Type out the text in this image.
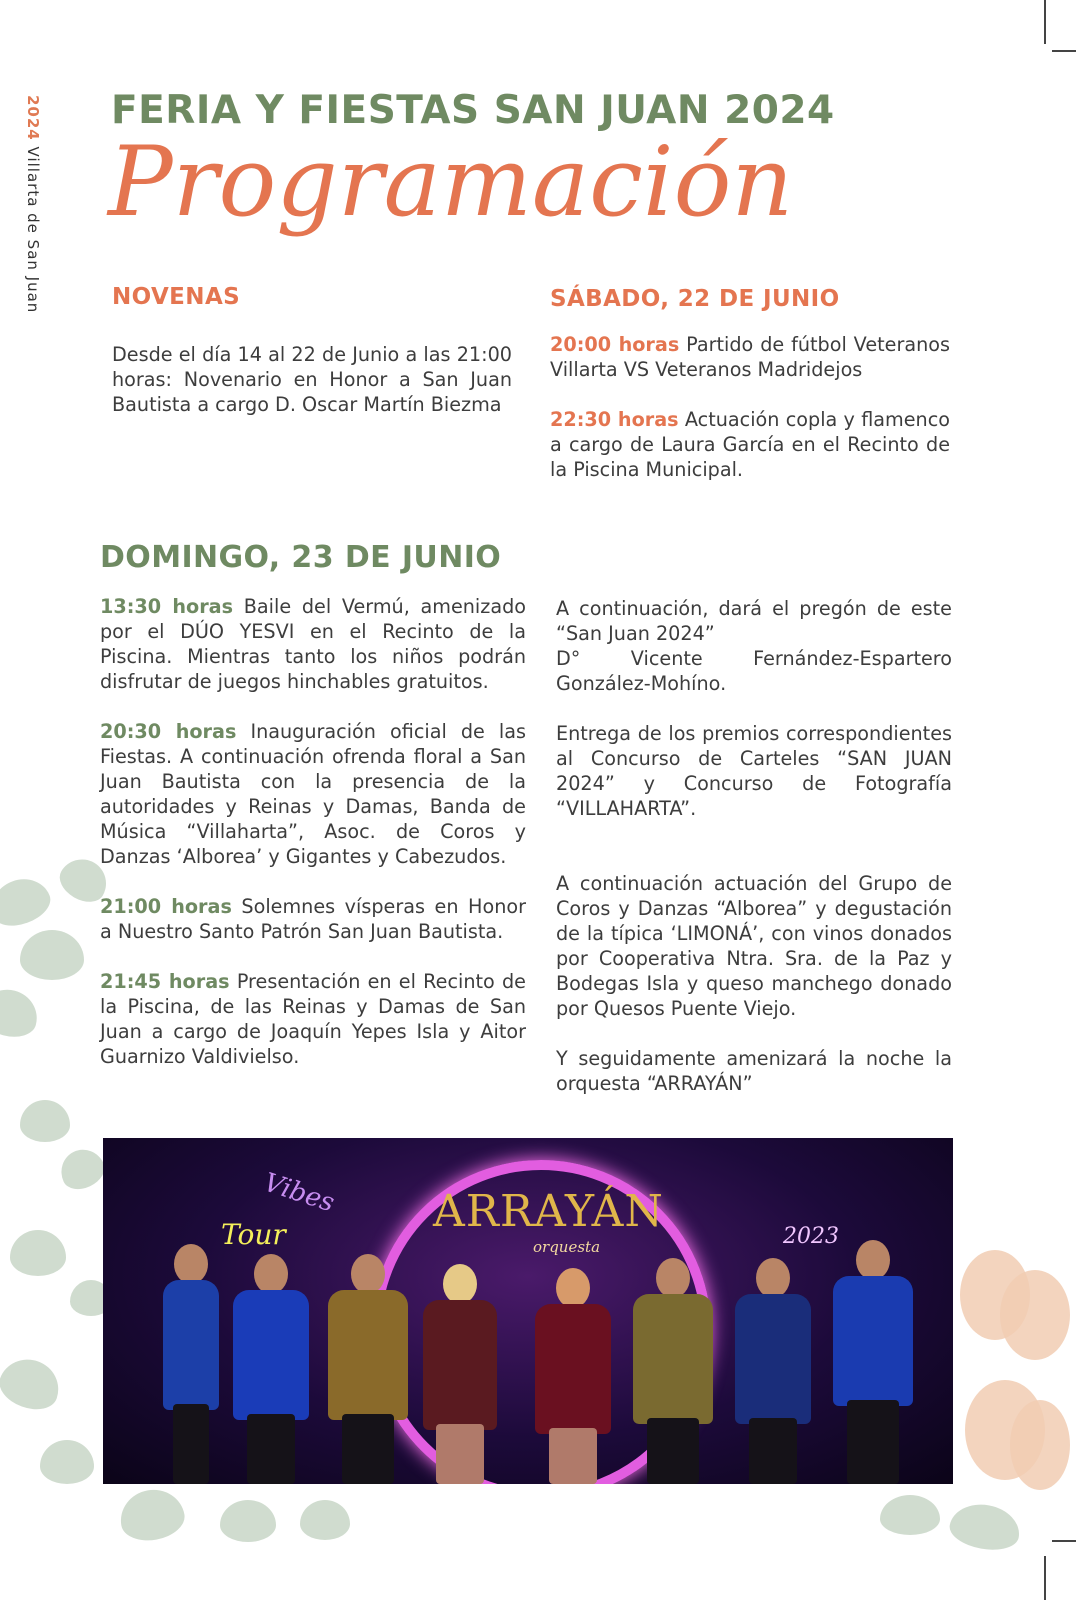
2024 Villarta de San Juan
FERIA Y FIESTAS SAN JUAN 2024
Programación
NOVENAS
Desde el día 14 al 22 de Junio a las 21:00 horas: Novenario en Honor a San Juan Bautista a cargo D. Oscar Martín Biezma
SÁBADO, 22 DE JUNIO
20:00 horas Partido de fútbol Veteranos Villarta VS Veteranos Madridejos
22:30 horas Actuación copla y flamenco a cargo de Laura García en el Recinto de la Piscina Municipal.
DOMINGO, 23 DE JUNIO
13:30 horas Baile del Vermú, amenizado por el DÚO YESVI en el Recinto de la Piscina. Mientras tanto los niños podrán disfrutar de juegos hinchables gratuitos.
20:30 horas Inauguración oficial de las Fiestas. A continuación ofrenda floral a San Juan Bautista con la presencia de la autoridades y Reinas y Damas, Banda de Música “Villaharta”, Asoc. de Coros y Danzas ‘Alborea’ y Gigantes y Cabezudos.
21:00 horas Solemnes vísperas en Honor a Nuestro Santo Patrón San Juan Bautista.
21:45 horas Presentación en el Recinto de la Piscina, de las Reinas y Damas de San Juan a cargo de Joaquín Yepes Isla y Aitor Guarnizo Valdivielso.
A continuación, dará el pregón de este “San Juan 2024”
D° Vicente Fernández-Espartero González-Mohíno.
Entrega de los premios correspondientes al Concurso de Carteles “SAN JUAN 2024” y Concurso de Fotografía “VILLAHARTA”.
A continuación actuación del Grupo de Coros y Danzas “Alborea” y degustación de la típica ‘LIMONÁ’, con vinos donados por Cooperativa Ntra. Sra. de la Paz y Bodegas Isla y queso manchego donado por Quesos Puente Viejo.
Y seguidamente amenizará la noche la orquesta “ARRAYÁN”
Vibes
Tour	2023
ARRAYÁN
orquesta
